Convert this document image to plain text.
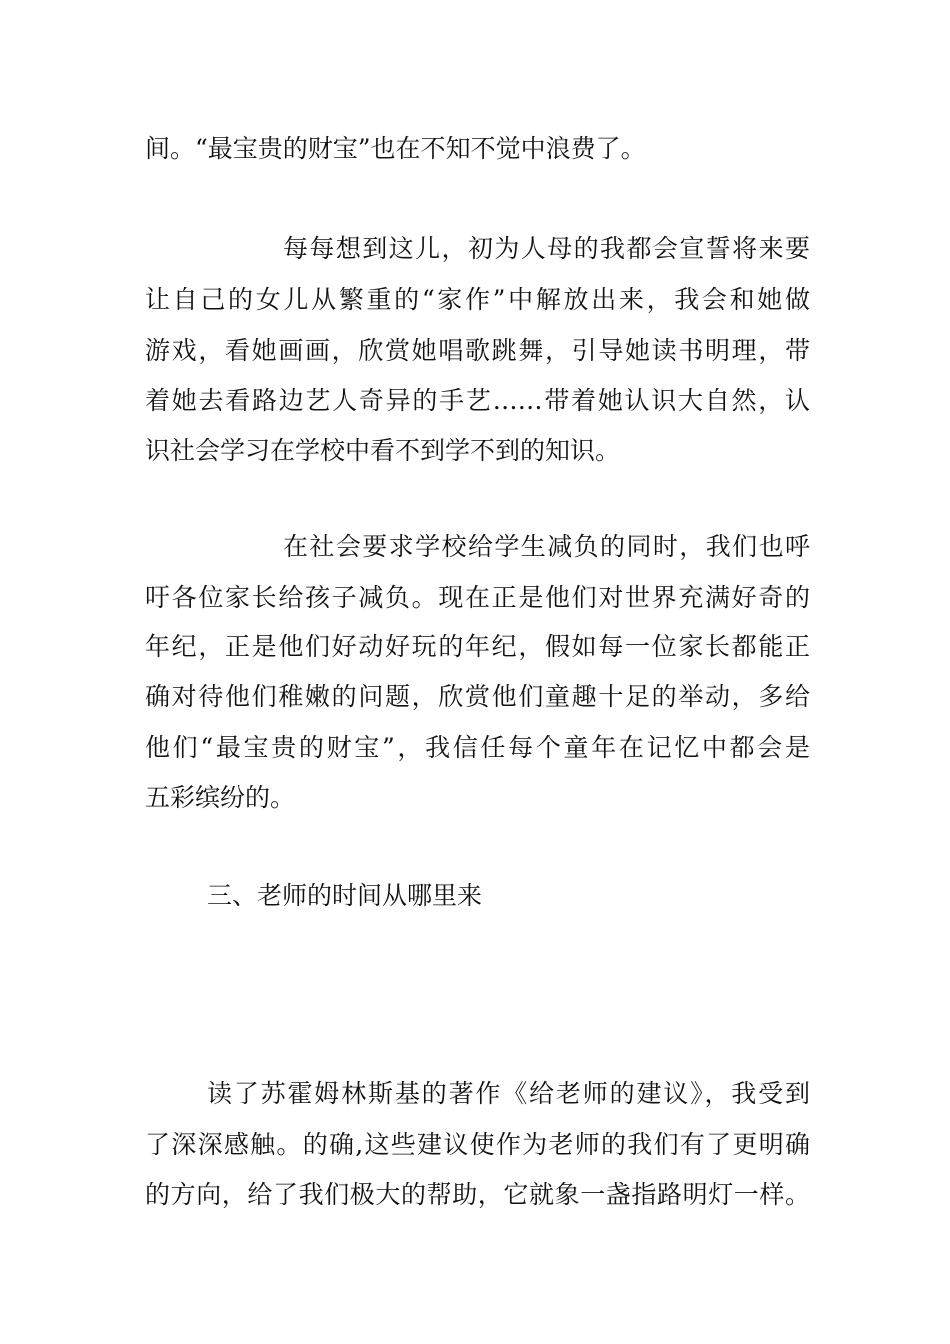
间。“最宝贵的财宝”也在不知不觉中浪费了。
每每想到这儿，初为人母的我都会宣誓将来要
让自己的女儿从繁重的“家作”中解放出来，我会和她做
游戏，看她画画，欣赏她唱歌跳舞，引导她读书明理，带
着她去看路边艺人奇异的手艺……带着她认识大自然，认
识社会学习在学校中看不到学不到的知识。
在社会要求学校给学生减负的同时，我们也呼
吁各位家长给孩子减负。现在正是他们对世界充满好奇的
年纪，正是他们好动好玩的年纪，假如每一位家长都能正
确对待他们稚嫩的问题，欣赏他们童趣十足的举动，多给
他们“最宝贵的财宝”，我信任每个童年在记忆中都会是
五彩缤纷的。
三、老师的时间从哪里来
读了苏霍姆林斯基的著作《给老师的建议》，我受到
了深深感触。的确,这些建议使作为老师的我们有了更明确
的方向，给了我们极大的帮助，它就象一盏指路明灯一样。
